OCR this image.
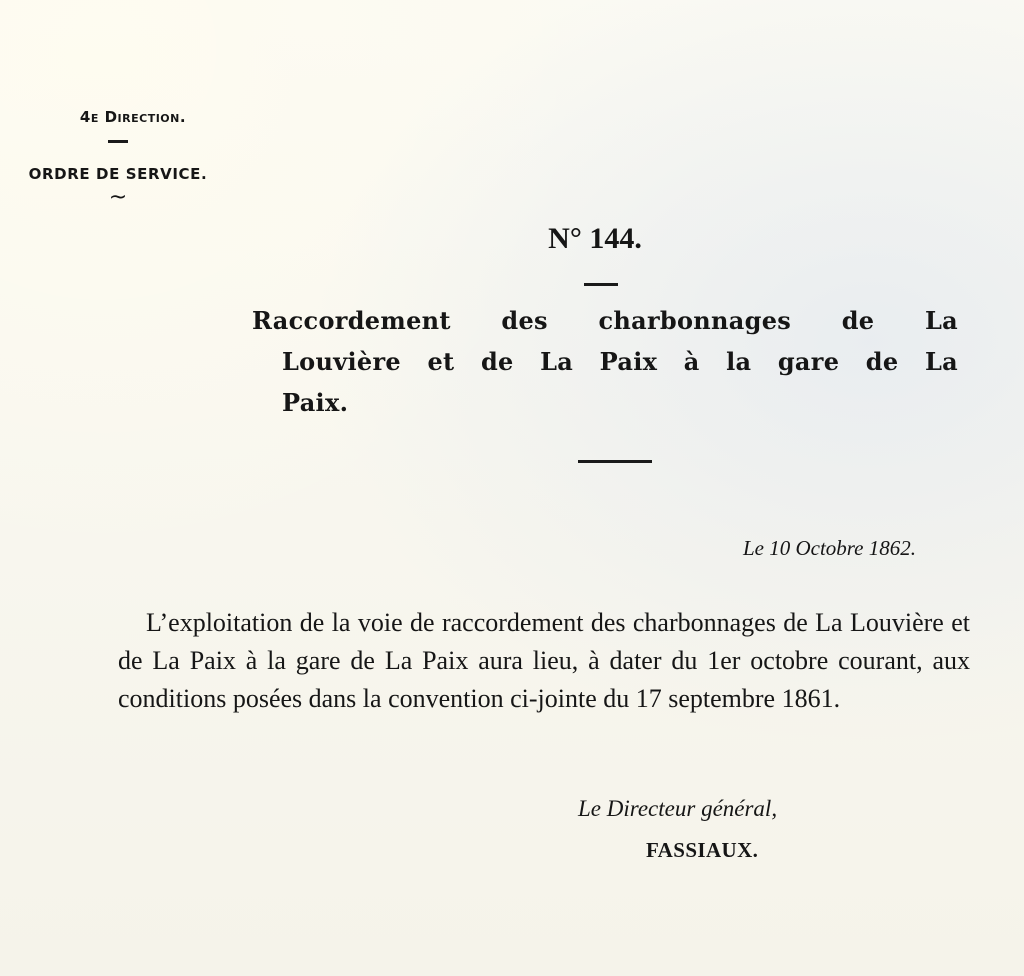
4e Direction.
ORDRE DE SERVICE.
~
N° 144.
Raccordement des charbonnages de La
Louvière et de La Paix à la gare de La
Paix.
Le 10 Octobre 1862.

L’exploitation de la voie de raccordement des charbonnages de La Louvière et de La Paix à la gare de La Paix aura lieu, à dater du 1er octobre courant, aux conditions posées dans la convention ci-jointe du 17 septembre 1861.

Le Directeur général,
FASSIAUX.
